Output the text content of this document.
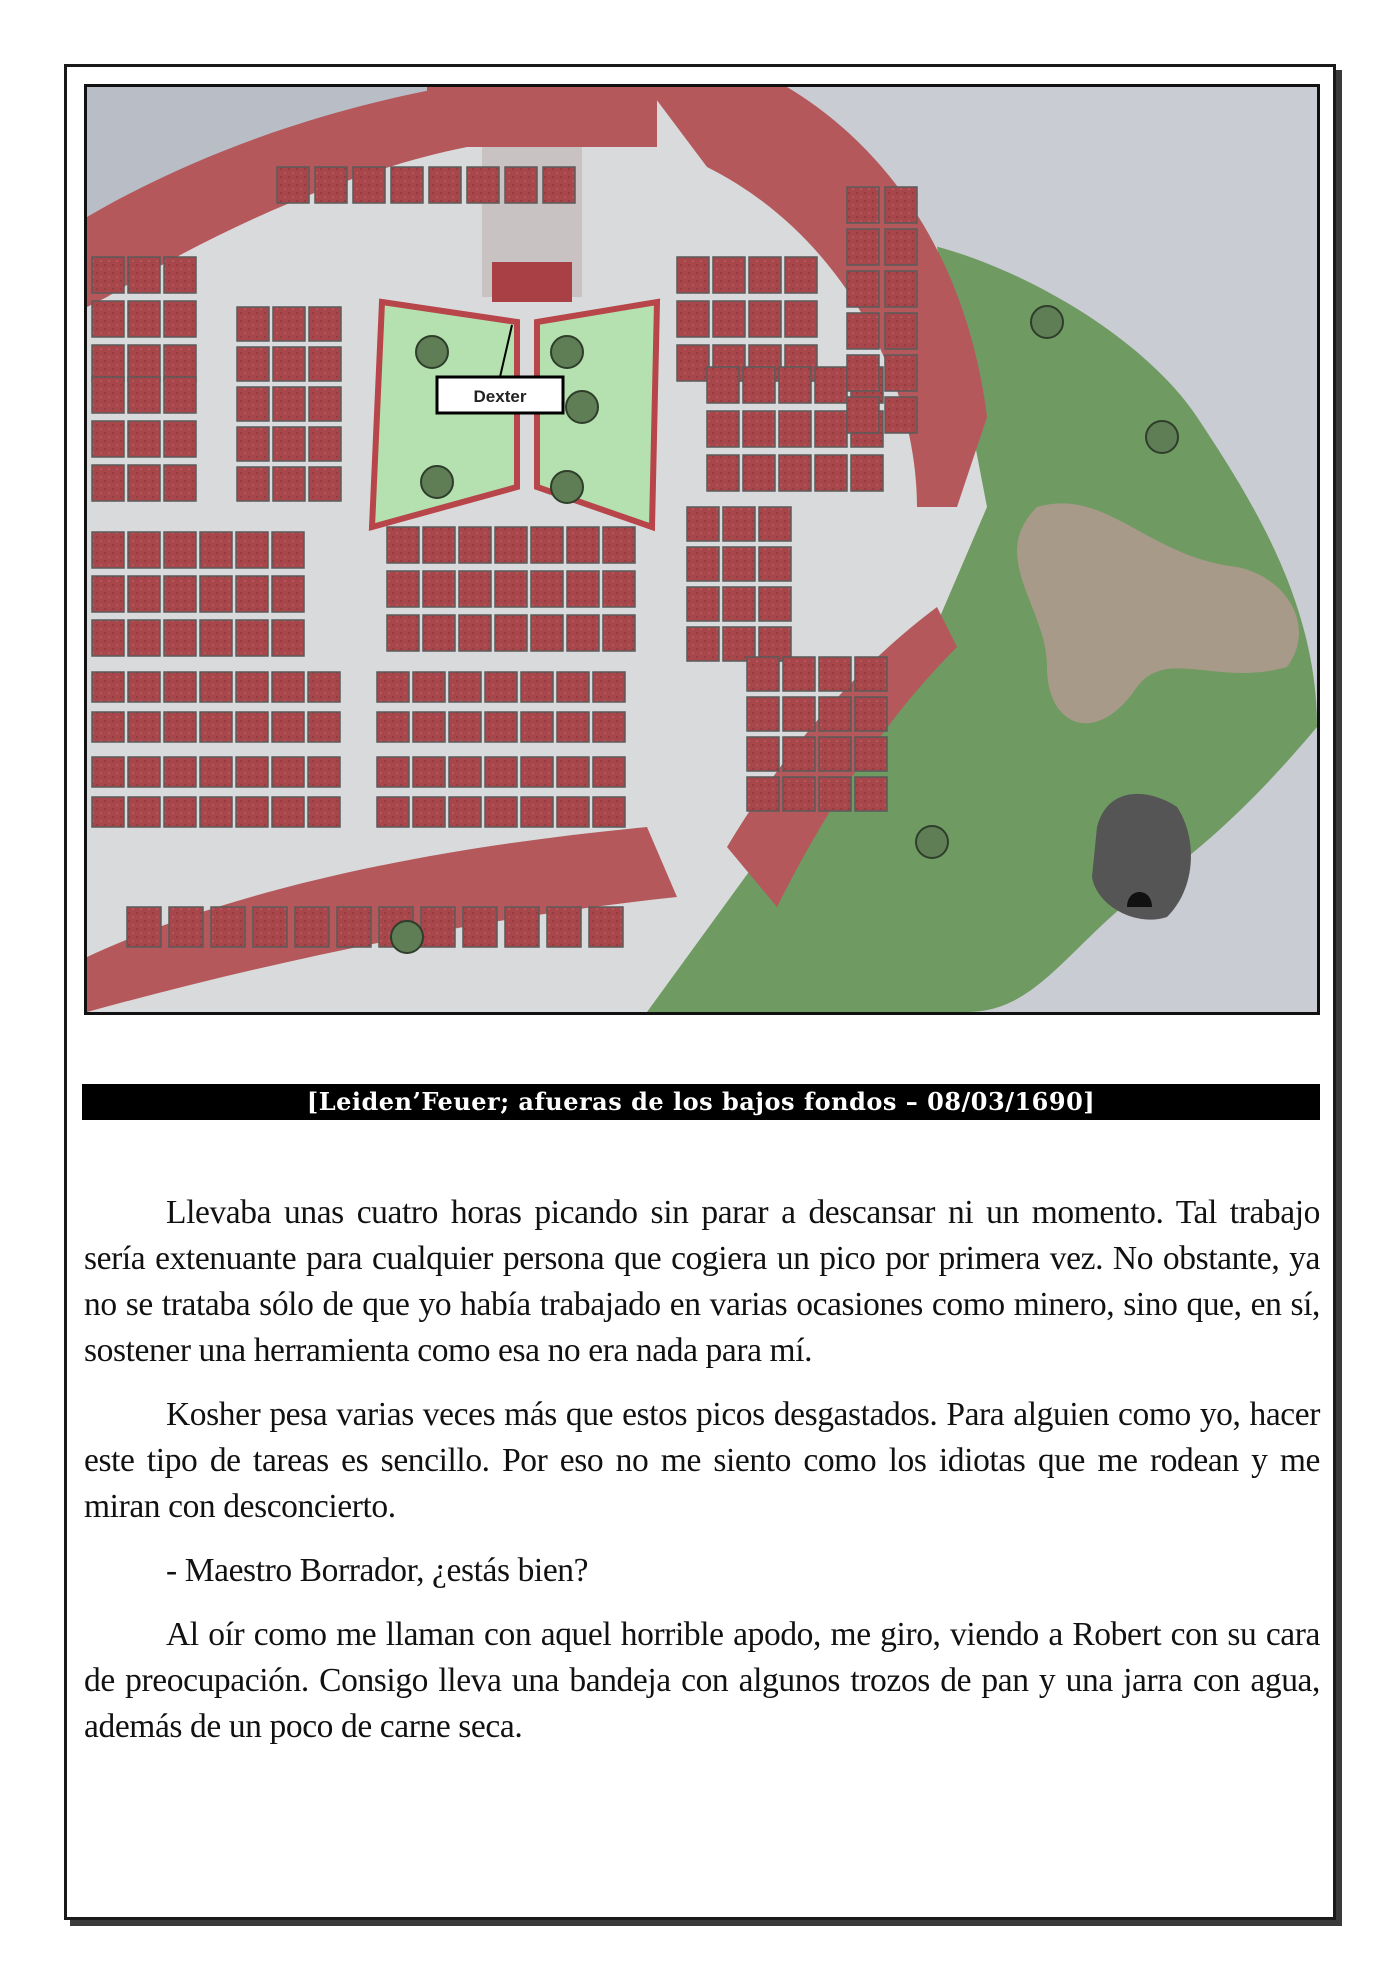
Dexter
[Leiden’Feuer; afueras de los bajos fondos – 08/03/1690]

Llevaba unas cuatro horas picando sin parar a descansar ni un momento. Tal trabajo sería extenuante para cualquier persona que cogiera un pico por primera vez. No obstante, ya no se trataba sólo de que yo había trabajado en varias ocasiones como minero, sino que, en sí, sostener una herramienta como esa no era nada para mí.

Kosher pesa varias veces más que estos picos desgastados. Para alguien como yo, hacer este tipo de tareas es sencillo. Por eso no me siento como los idiotas que me rodean y me miran con desconcierto.

- Maestro Borrador, ¿estás bien?

Al oír como me llaman con aquel horrible apodo, me giro, viendo a Robert con su cara de preocupación. Consigo lleva una bandeja con algunos trozos de pan y una jarra con agua, además de un poco de carne seca.
